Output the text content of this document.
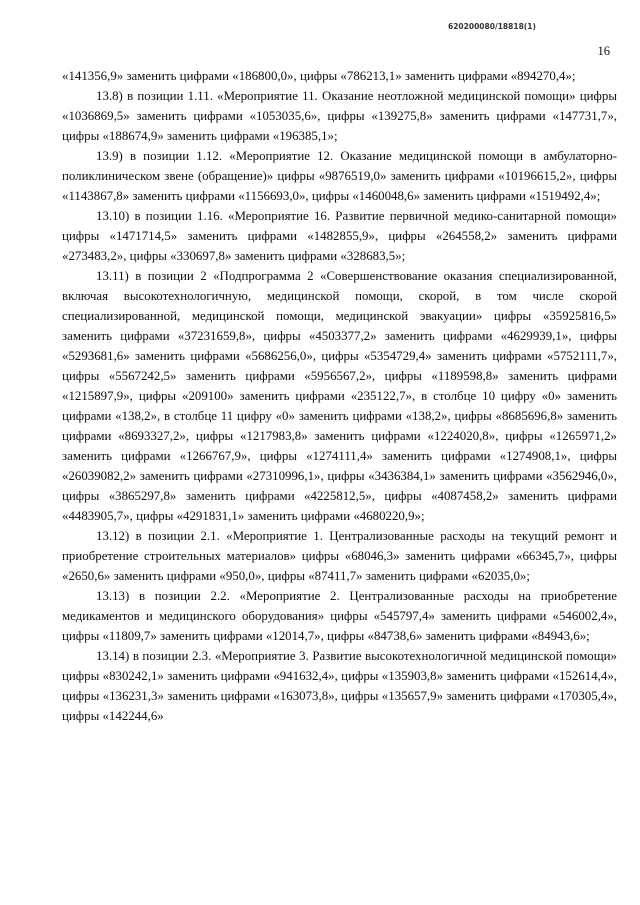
620200080/18818(1)
16

«141356,9» заменить цифрами «186800,0», цифры «786213,1» заменить цифрами «894270,4»;

13.8) в позиции 1.11. «Мероприятие 11. Оказание неотложной медицинской помощи» цифры «1036869,5» заменить цифрами «1053035,6», цифры «139275,8» заменить цифрами «147731,7», цифры «188674,9» заменить цифрами «196385,1»;

13.9) в позиции 1.12. «Мероприятие 12. Оказание медицинской помощи в амбулаторно-поликлиническом звене (обращение)» цифры «9876519,0» заменить цифрами «10196615,2», цифры «1143867,8» заменить цифрами «1156693,0», цифры «1460048,6» заменить цифрами «1519492,4»;

13.10) в позиции 1.16. «Мероприятие 16. Развитие первичной медико-санитарной помощи» цифры «1471714,5» заменить цифрами «1482855,9», цифры «264558,2» заменить цифрами «273483,2», цифры «330697,8» заменить цифрами «328683,5»;

13.11) в позиции 2 «Подпрограмма 2 «Совершенствование оказания специализированной, включая высокотехнологичную, медицинской помощи, скорой, в том числе скорой специализированной, медицинской помощи, медицинской эвакуации» цифры «35925816,5» заменить цифрами «37231659,8», цифры «4503377,2» заменить цифрами «4629939,1», цифры «5293681,6» заменить цифрами «5686256,0», цифры «5354729,4» заменить цифрами «5752111,7», цифры «5567242,5» заменить цифрами «5956567,2», цифры «1189598,8» заменить цифрами «1215897,9», цифры «209100» заменить цифрами «235122,7», в столбце 10 цифру «0» заменить цифрами «138,2», в столбце 11 цифру «0» заменить цифрами «138,2», цифры «8685696,8» заменить цифрами «8693327,2», цифры «1217983,8» заменить цифрами «1224020,8», цифры «1265971,2» заменить цифрами «1266767,9», цифры «1274111,4» заменить цифрами «1274908,1», цифры «26039082,2» заменить цифрами «27310996,1», цифры «3436384,1» заменить цифрами «3562946,0», цифры «3865297,8» заменить цифрами «4225812,5», цифры «4087458,2» заменить цифрами «4483905,7», цифры «4291831,1» заменить цифрами «4680220,9»;

13.12) в позиции 2.1. «Мероприятие 1. Централизованные расходы на текущий ремонт и приобретение строительных материалов» цифры «68046,3» заменить цифрами «66345,7», цифры «2650,6» заменить цифрами «950,0», цифры «87411,7» заменить цифрами «62035,0»;

13.13) в позиции 2.2. «Мероприятие 2. Централизованные расходы на приобретение медикаментов и медицинского оборудования» цифры «545797,4» заменить цифрами «546002,4», цифры «11809,7» заменить цифрами «12014,7», цифры «84738,6» заменить цифрами «84943,6»;

13.14) в позиции 2.3. «Мероприятие 3. Развитие высокотехнологичной медицинской помощи» цифры «830242,1» заменить цифрами «941632,4», цифры «135903,8» заменить цифрами «152614,4», цифры «136231,3» заменить цифрами «163073,8», цифры «135657,9» заменить цифрами «170305,4», цифры «142244,6»
